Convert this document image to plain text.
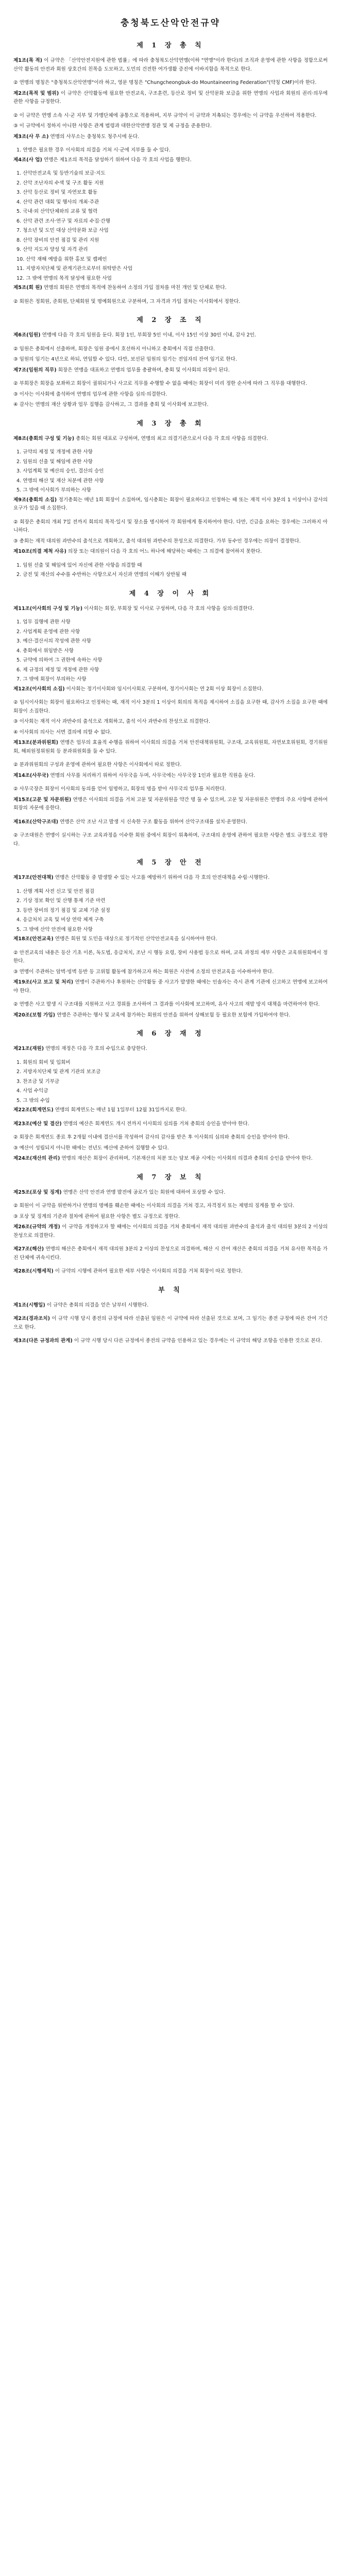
충청북도산악안전규약
제 1 장 총 칙

제1조(목 적) 이 규약은 「산악안전지원에 관한 법률」에 따라 충청북도산악연맹(이하 "연맹"이라 한다)의 조직과 운영에 관한 사항을 정함으로써 산악 활동의 안전과 회원 상호간의 친목을 도모하고, 도민의 건전한 여가생활 증진에 이바지함을 목적으로 한다.

② 연맹의 명칭은 "충청북도산악연맹"이라 하고, 영문 명칭은 "Chungcheongbuk-do Mountaineering Federation"(약칭 CMF)이라 한다.

제2조(목적 및 범위) 이 규약은 산악활동에 필요한 안전교육, 구조훈련, 등산로 정비 및 산악문화 보급을 위한 연맹의 사업과 회원의 권리·의무에 관한 사항을 규정한다.

② 이 규약은 연맹 소속 시·군 지부 및 가맹단체에 공통으로 적용하며, 지부 규약이 이 규약과 저촉되는 경우에는 이 규약을 우선하여 적용한다.

③ 이 규약에서 정하지 아니한 사항은 관계 법령과 대한산악연맹 정관 및 제 규정을 준용한다.

제3조(사 무 소) 연맹의 사무소는 충청북도 청주시에 둔다.

1. 연맹은 필요한 경우 이사회의 의결을 거쳐 시·군에 지부를 둘 수 있다.

제4조(사 업) 연맹은 제1조의 목적을 달성하기 위하여 다음 각 호의 사업을 행한다.

1. 산악안전교육 및 등반기술의 보급·지도

2. 산악 조난자의 수색 및 구조 활동 지원

3. 산악 등산로 정비 및 자연보호 활동

4. 산악 관련 대회 및 행사의 개최·주관

5. 국내·외 산악단체와의 교류 및 협력

6. 산악 관련 조사·연구 및 자료의 수집·간행

7. 청소년 및 도민 대상 산악문화 보급 사업

8. 산악 장비의 안전 점검 및 관리 지원

9. 산악 지도자 양성 및 자격 관리

10. 산악 재해 예방을 위한 홍보 및 캠페인

11. 지방자치단체 및 관계기관으로부터 위탁받은 사업

12. 그 밖에 연맹의 목적 달성에 필요한 사업

제5조(회 원) 연맹의 회원은 연맹의 목적에 찬동하여 소정의 가입 절차를 마친 개인 및 단체로 한다.

② 회원은 정회원, 준회원, 단체회원 및 명예회원으로 구분하며, 그 자격과 가입 절차는 이사회에서 정한다.

제 2 장 조 직

제6조(임원) 연맹에 다음 각 호의 임원을 둔다. 회장 1인, 부회장 5인 이내, 이사 15인 이상 30인 이내, 감사 2인.

② 임원은 총회에서 선출하며, 회장은 임원 중에서 호선하지 아니하고 총회에서 직접 선출한다.

③ 임원의 임기는 4년으로 하되, 연임할 수 있다. 다만, 보선된 임원의 임기는 전임자의 잔여 임기로 한다.

제7조(임원의 직무) 회장은 연맹을 대표하고 연맹의 업무를 총괄하며, 총회 및 이사회의 의장이 된다.

② 부회장은 회장을 보좌하고 회장이 궐위되거나 사고로 직무를 수행할 수 없을 때에는 회장이 미리 정한 순서에 따라 그 직무를 대행한다.

③ 이사는 이사회에 출석하여 연맹의 업무에 관한 사항을 심의·의결한다.

④ 감사는 연맹의 재산 상황과 업무 집행을 감사하고, 그 결과를 총회 및 이사회에 보고한다.

제 3 장 총 회

제8조(총회의 구성 및 기능) 총회는 회원 대표로 구성하며, 연맹의 최고 의결기관으로서 다음 각 호의 사항을 의결한다.

1. 규약의 제정 및 개정에 관한 사항

2. 임원의 선출 및 해임에 관한 사항

3. 사업계획 및 예산의 승인, 결산의 승인

4. 연맹의 해산 및 재산 처분에 관한 사항

5. 그 밖에 이사회가 부의하는 사항

제9조(총회의 소집) 정기총회는 매년 1회 회장이 소집하며, 임시총회는 회장이 필요하다고 인정하는 때 또는 재적 이사 3분의 1 이상이나 감사의 요구가 있을 때 소집한다.

② 회장은 총회의 개최 7일 전까지 회의의 목적·일시 및 장소를 명시하여 각 회원에게 통지하여야 한다. 다만, 긴급을 요하는 경우에는 그러하지 아니하다.

③ 총회는 재적 대의원 과반수의 출석으로 개회하고, 출석 대의원 과반수의 찬성으로 의결한다. 가부 동수인 경우에는 의장이 결정한다.

제10조(의결 제척 사유) 의장 또는 대의원이 다음 각 호의 어느 하나에 해당하는 때에는 그 의결에 참여하지 못한다.

1. 임원 선출 및 해임에 있어 자신에 관한 사항을 의결할 때

2. 금전 및 재산의 수수를 수반하는 사항으로서 자신과 연맹의 이해가 상반될 때

제 4 장 이 사 회

제11조(이사회의 구성 및 기능) 이사회는 회장, 부회장 및 이사로 구성하며, 다음 각 호의 사항을 심의·의결한다.

1. 업무 집행에 관한 사항

2. 사업계획 운영에 관한 사항

3. 예산·결산서의 작성에 관한 사항

4. 총회에서 위임받은 사항

5. 규약에 의하여 그 권한에 속하는 사항

6. 제 규정의 제정 및 개정에 관한 사항

7. 그 밖에 회장이 부의하는 사항

제12조(이사회의 소집) 이사회는 정기이사회와 임시이사회로 구분하며, 정기이사회는 연 2회 이상 회장이 소집한다.

② 임시이사회는 회장이 필요하다고 인정하는 때, 재적 이사 3분의 1 이상이 회의의 목적을 제시하여 소집을 요구한 때, 감사가 소집을 요구한 때에 회장이 소집한다.

③ 이사회는 재적 이사 과반수의 출석으로 개회하고, 출석 이사 과반수의 찬성으로 의결한다.

④ 이사회의 의사는 서면 결의에 의할 수 없다.

제13조(분과위원회) 연맹은 업무의 효율적 수행을 위하여 이사회의 의결을 거쳐 안전대책위원회, 구조대, 교육위원회, 자연보호위원회, 경기위원회, 해외원정위원회 등 분과위원회를 둘 수 있다.

② 분과위원회의 구성과 운영에 관하여 필요한 사항은 이사회에서 따로 정한다.

제14조(사무국) 연맹의 사무를 처리하기 위하여 사무국을 두며, 사무국에는 사무국장 1인과 필요한 직원을 둔다.

② 사무국장은 회장이 이사회의 동의를 얻어 임명하고, 회장의 명을 받아 사무국의 업무를 처리한다.

제15조(고문 및 자문위원) 연맹은 이사회의 의결을 거쳐 고문 및 자문위원을 약간 명 둘 수 있으며, 고문 및 자문위원은 연맹의 주요 사항에 관하여 회장의 자문에 응한다.

제16조(산악구조대) 연맹은 산악 조난 사고 발생 시 신속한 구조 활동을 위하여 산악구조대를 설치·운영한다.

② 구조대원은 연맹이 실시하는 구조 교육과정을 이수한 회원 중에서 회장이 위촉하며, 구조대의 운영에 관하여 필요한 사항은 별도 규정으로 정한다.

제 5 장 안 전

제17조(안전대책) 연맹은 산악활동 중 발생할 수 있는 사고를 예방하기 위하여 다음 각 호의 안전대책을 수립·시행한다.

1. 산행 계획 사전 신고 및 안전 점검

2. 기상 정보 확인 및 산행 통제 기준 마련

3. 등반 장비의 정기 점검 및 교체 기준 설정

4. 응급처치 교육 및 비상 연락 체계 구축

5. 그 밖에 산악 안전에 필요한 사항

제18조(안전교육) 연맹은 회원 및 도민을 대상으로 정기적인 산악안전교육을 실시하여야 한다.

② 안전교육의 내용은 등산 기초 이론, 독도법, 응급처치, 조난 시 행동 요령, 장비 사용법 등으로 하며, 교육 과정의 세부 사항은 교육위원회에서 정한다.

③ 연맹이 주관하는 암벽·빙벽 등반 등 고위험 활동에 참가하고자 하는 회원은 사전에 소정의 안전교육을 이수하여야 한다.

제19조(사고 보고 및 처리) 연맹이 주관하거나 후원하는 산악활동 중 사고가 발생한 때에는 인솔자는 즉시 관계 기관에 신고하고 연맹에 보고하여야 한다.

② 연맹은 사고 발생 시 구조대를 지원하고 사고 경위를 조사하여 그 결과를 이사회에 보고하며, 유사 사고의 재발 방지 대책을 마련하여야 한다.

제20조(보험 가입) 연맹은 주관하는 행사 및 교육에 참가하는 회원의 안전을 위하여 상해보험 등 필요한 보험에 가입하여야 한다.

제 6 장 재 정

제21조(재원) 연맹의 재정은 다음 각 호의 수입으로 충당한다.

1. 회원의 회비 및 입회비

2. 지방자치단체 및 관계 기관의 보조금

3. 찬조금 및 기부금

4. 사업 수익금

5. 그 밖의 수입

제22조(회계연도) 연맹의 회계연도는 매년 1월 1일부터 12월 31일까지로 한다.

제23조(예산 및 결산) 연맹의 예산은 회계연도 개시 전까지 이사회의 심의를 거쳐 총회의 승인을 받아야 한다.

② 회장은 회계연도 종료 후 2개월 이내에 결산서를 작성하여 감사의 감사를 받은 후 이사회의 심의와 총회의 승인을 받아야 한다.

③ 예산이 성립되지 아니한 때에는 전년도 예산에 준하여 집행할 수 있다.

제24조(재산의 관리) 연맹의 재산은 회장이 관리하며, 기본재산의 처분 또는 담보 제공 시에는 이사회의 의결과 총회의 승인을 받아야 한다.

제 7 장 보 칙

제25조(포상 및 징계) 연맹은 산악 안전과 연맹 발전에 공로가 있는 회원에 대하여 포상할 수 있다.

② 회원이 이 규약을 위반하거나 연맹의 명예를 훼손한 때에는 이사회의 의결을 거쳐 경고, 자격정지 또는 제명의 징계를 할 수 있다.

③ 포상 및 징계의 기준과 절차에 관하여 필요한 사항은 별도 규정으로 정한다.

제26조(규약의 개정) 이 규약을 개정하고자 할 때에는 이사회의 의결을 거쳐 총회에서 재적 대의원 과반수의 출석과 출석 대의원 3분의 2 이상의 찬성으로 의결한다.

제27조(해산) 연맹의 해산은 총회에서 재적 대의원 3분의 2 이상의 찬성으로 의결하며, 해산 시 잔여 재산은 총회의 의결을 거쳐 유사한 목적을 가진 단체에 귀속시킨다.

제28조(시행세칙) 이 규약의 시행에 관하여 필요한 세부 사항은 이사회의 의결을 거쳐 회장이 따로 정한다.

부 칙

제1조(시행일) 이 규약은 총회의 의결을 얻은 날부터 시행한다.

제2조(경과조치) 이 규약 시행 당시 종전의 규정에 따라 선출된 임원은 이 규약에 따라 선출된 것으로 보며, 그 임기는 종전 규정에 따른 잔여 기간으로 한다.

제3조(다른 규정과의 관계) 이 규약 시행 당시 다른 규정에서 종전의 규약을 인용하고 있는 경우에는 이 규약의 해당 조항을 인용한 것으로 본다.
